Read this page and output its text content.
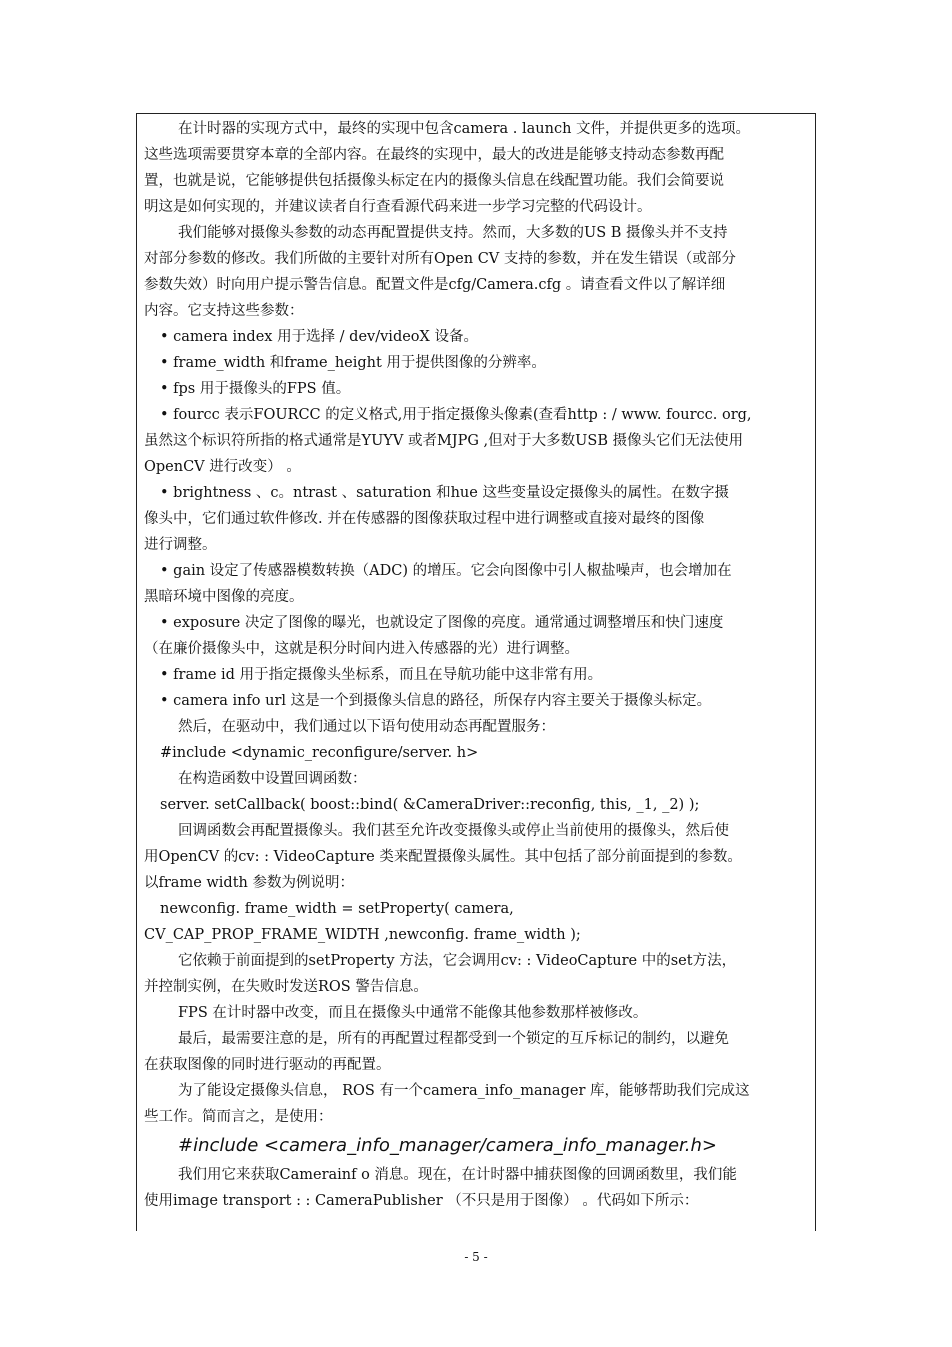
在计时器的实现方式中，最终的实现中包含camera . launch 文件，并提供更多的选项。
这些选项需要贯穿本章的全部内容。在最终的实现中，最大的改进是能够支持动态参数再配
置，也就是说，它能够提供包括摄像头标定在内的摄像头信息在线配置功能。我们会简要说
明这是如何实现的，并建议读者自行查看源代码来进一步学习完整的代码设计。
我们能够对摄像头参数的动态再配置提供支持。然而，大多数的US B 摄像头并不支持
对部分参数的修改。我们所做的主要针对所有Open CV 支持的参数，并在发生错误（或部分
参数失效）时向用户提示警告信息。配置文件是cfg/Camera.cfg 。请查看文件以了解详细
内容。它支持这些参数：
• camera index 用于选择 / dev/videoX 设备。
• frame_width 和frame_height 用于提供图像的分辨率。
• fps 用于摄像头的FPS 值。
• fourcc 表示FOURCC 的定义格式,用于指定摄像头像素(查看http : / www. fourcc. org,
虽然这个标识符所指的格式通常是YUYV 或者MJPG ,但对于大多数USB 摄像头它们无法使用
OpenCV 进行改变） 。
• brightness 、c。ntrast 、saturation 和hue 这些变量设定摄像头的属性。在数字摄
像头中，它们通过软件修改. 并在传感器的图像获取过程中进行调整或直接对最终的图像
进行调整。
• gain 设定了传感器模数转换（ADC) 的增压。它会向图像中引人椒盐噪声，也会增加在
黑暗环境中图像的亮度。
• exposure 决定了图像的曝光，也就设定了图像的亮度。通常通过调整增压和快门速度
（在廉价摄像头中，这就是积分时间内进入传感器的光）进行调整。
• frame id 用于指定摄像头坐标系，而且在导航功能中这非常有用。
• camera info url 这是一个到摄像头信息的路径，所保存内容主要关于摄像头标定。
然后，在驱动中，我们通过以下语句使用动态再配置服务：
#include <dynamic_reconfigure/server. h>
在构造函数中设置回调函数：
server. setCallback( boost::bind( &CameraDriver::reconfig, this, _1, _2) );
回调函数会再配置摄像头。我们甚至允许改变摄像头或停止当前使用的摄像头，然后使
用OpenCV 的cv: : VideoCapture 类来配置摄像头属性。其中包括了部分前面提到的参数。
以frame width 参数为例说明：
newconfig. frame_width = setProperty( camera,
CV_CAP_PROP_FRAME_WIDTH ,newconfig. frame_width );
它依赖于前面提到的setProperty 方法，它会调用cv: : VideoCapture 中的set方法，
并控制实例，在失败时发送ROS 警告信息。
FPS 在计时器中改变，而且在摄像头中通常不能像其他参数那样被修改。
最后，最需要注意的是，所有的再配置过程都受到一个锁定的互斥标记的制约，以避免
在获取图像的同时进行驱动的再配置。
为了能设定摄像头信息， ROS 有一个camera_info_manager 库，能够帮助我们完成这
些工作。简而言之，是使用：
#include <camera_info_manager/camera_info_manager.h>
我们用它来获取Camerainf o 消息。现在，在计时器中捕获图像的回调函数里，我们能
使用image transport : : CameraPublisher （不只是用于图像） 。代码如下所示：
- 5 -
